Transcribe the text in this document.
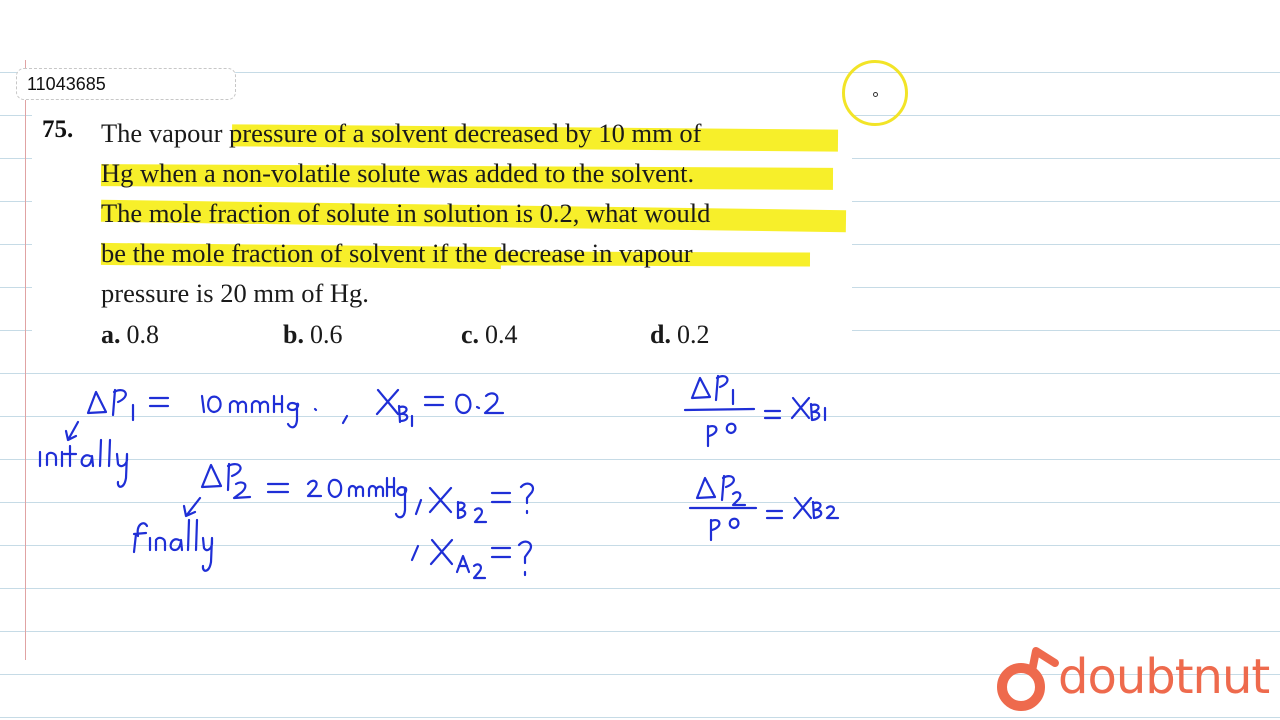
11043685
75. The vapour pressure of a solvent decreased by 10 mm of
Hg when a non-volatile solute was added to the solvent.
The mole fraction of solute in solution is 0.2, what would
be the mole fraction of solvent if the decrease in vapour
pressure is 20 mm of Hg.
a. 0.8	b. 0.6	c. 0.4	d. 0.2
doubtnut
